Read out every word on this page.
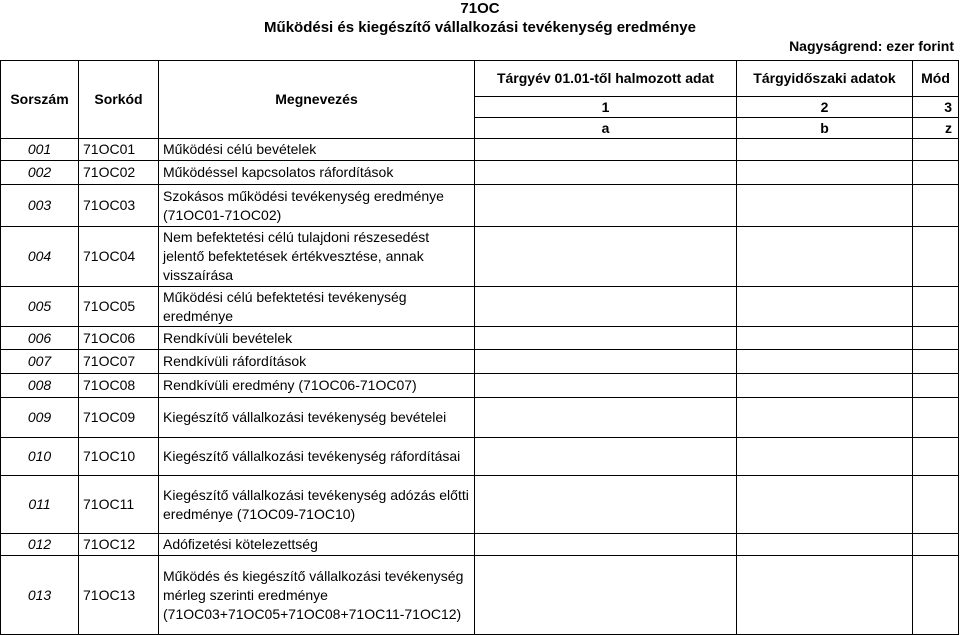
71OC
Működési és kiegészítő vállalkozási tevékenység eredménye
Nagyságrend: ezer forint
Sorszám	Sorkód	Megnevezés	Tárgyév 01.01-től halmozott adat	Tárgyidőszaki adatok	Mód
			1	2	3
			a	b	z
001	71OC01	Működési célú bevételek			
002	71OC02	Működéssel kapcsolatos ráfordítások			
003	71OC03	Szokásos működési tevékenység eredménye (71OC01-71OC02)			
004	71OC04	Nem befektetési célú tulajdoni részesedést jelentő befektetések értékvesztése, annak visszaírása			
005	71OC05	Működési célú befektetési tevékenység eredménye			
006	71OC06	Rendkívüli bevételek			
007	71OC07	Rendkívüli ráfordítások			
008	71OC08	Rendkívüli eredmény (71OC06-71OC07)			
009	71OC09	Kiegészítő vállalkozási tevékenység bevételei			
010	71OC10	Kiegészítő vállalkozási tevékenység ráfordításai			
011	71OC11	Kiegészítő vállalkozási tevékenység adózás előtti eredménye (71OC09-71OC10)			
012	71OC12	Adófizetési kötelezettség			
013	71OC13	Működés és kiegészítő vállalkozási tevékenység mérleg szerinti eredménye (71OC03+71OC05+71OC08+71OC11-71OC12)			
